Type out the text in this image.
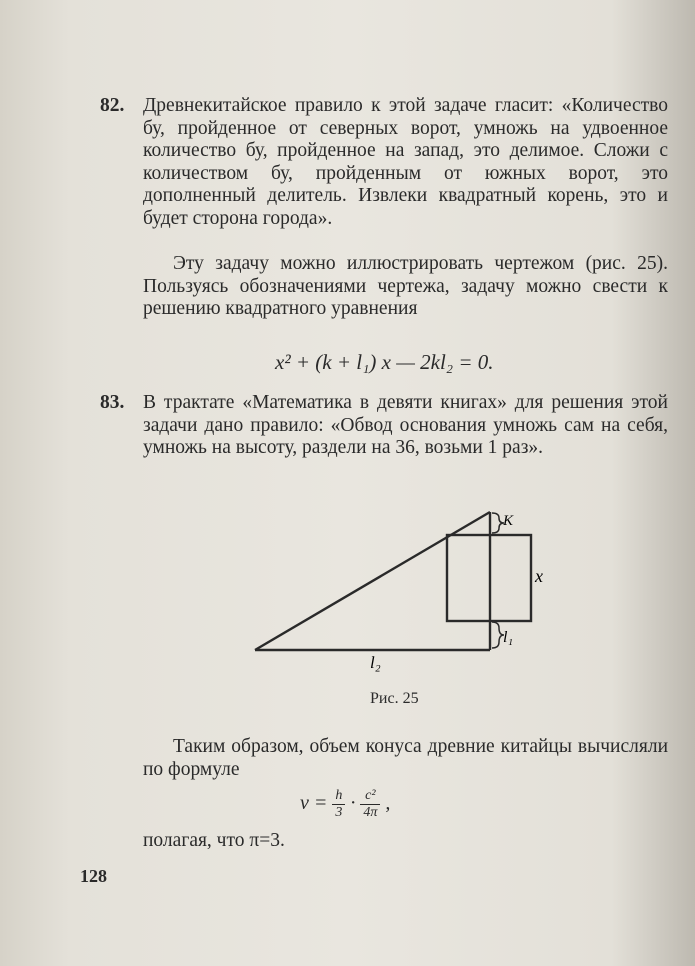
82. Древнекитайское правило к этой задаче гласит: «Количество бу, пройденное от северных ворот, умножь на удвоенное количество бу, пройденное на запад, это делимое. Сложи с количеством бу, пройденным от южных ворот, это дополненный делитель. Извлеки квадратный корень, это и будет сторона города».

Эту задачу можно иллюстрировать чертежом (рис. 25). Пользуясь обозначениями чертежа, задачу можно свести к решению квадратного уравнения

x² + (k + l₁) x — 2kl₂ = 0.
83. В трактате «Математика в девяти книгах» для решения этой задачи дано правило: «Обвод основания умножь сам на себя, умножь на высоту, раздели на 36, возьми 1 раз».

K
x
l₁
l₂
Рис. 25

Таким образом, объем конуса древние китайцы вычисляли по формуле

$v = \frac{h}{3} \cdot \frac{\text{c²}}{4\pi}$ ,

полагая, что π=3.

128
